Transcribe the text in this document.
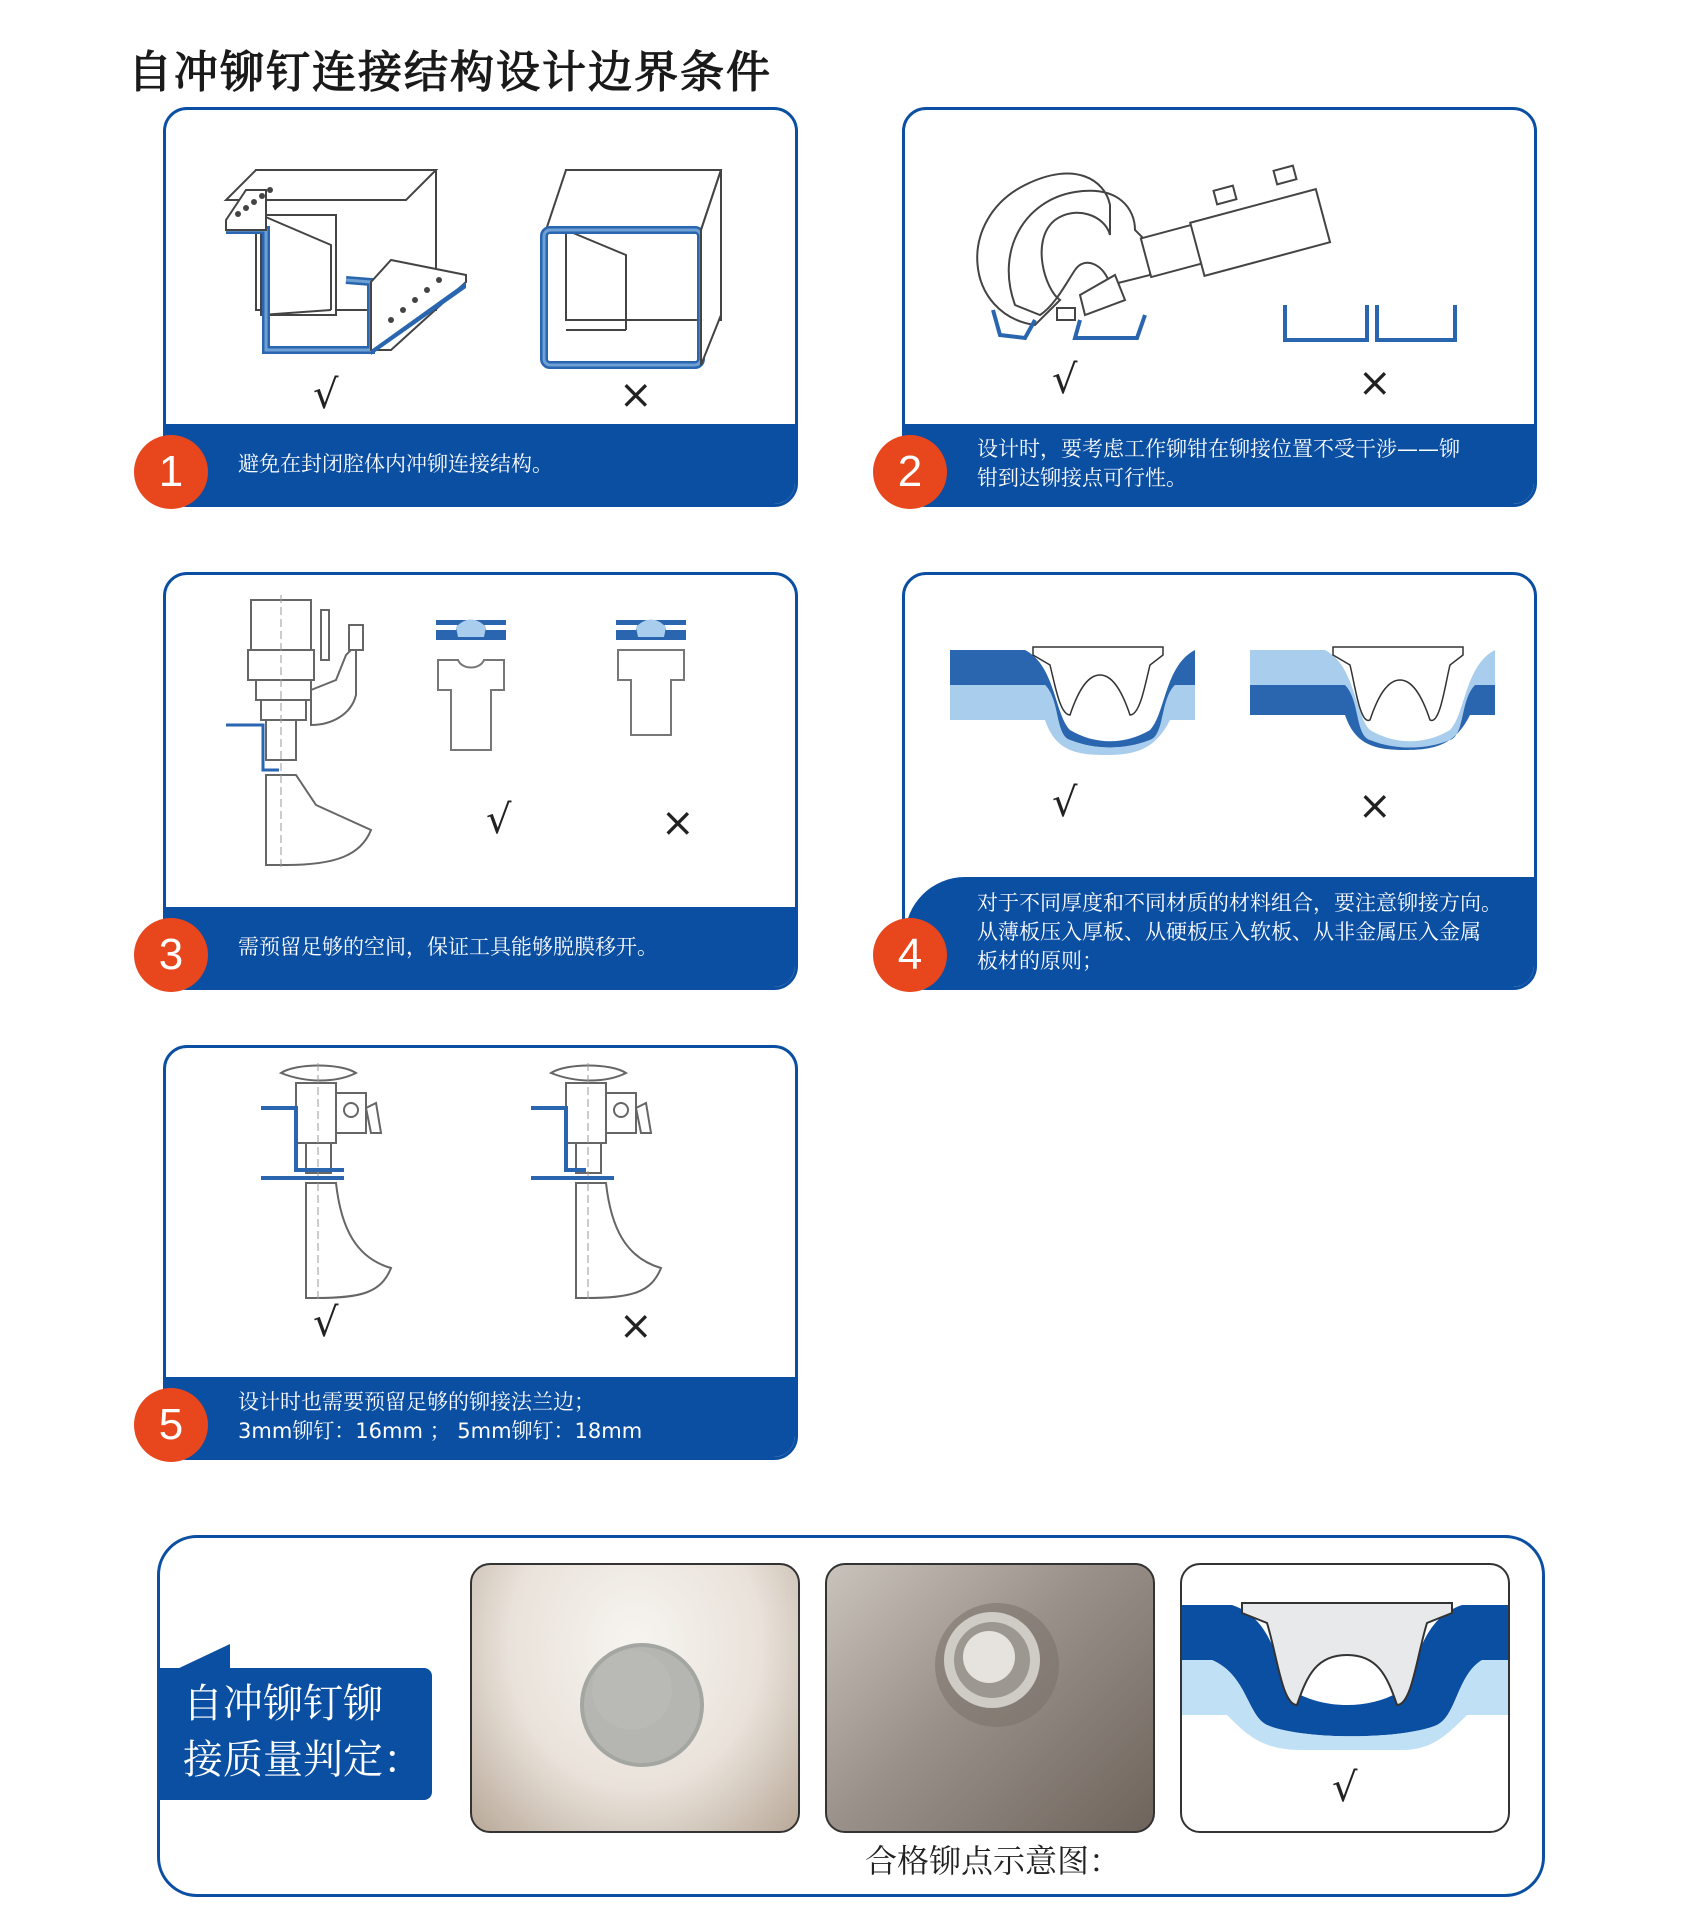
自冲铆钉连接结构设计边界条件
√	×
避免在封闭腔体内冲铆连接结构。
1
√	×
设计时，要考虑工作铆钳在铆接位置不受干涉——铆
钳到达铆接点可行性。
2
√	×
需预留足够的空间，保证工具能够脱膜移开。
3
√	×
对于不同厚度和不同材质的材料组合，要注意铆接方向。
从薄板压入厚板、从硬板压入软板、从非金属压入金属
板材的原则；
4
√	×
设计时也需要预留足够的铆接法兰边；
3mm铆钉：16mm ； 5mm铆钉：18mm
5
自冲铆钉铆
接质量判定：
√
合格铆点示意图：
